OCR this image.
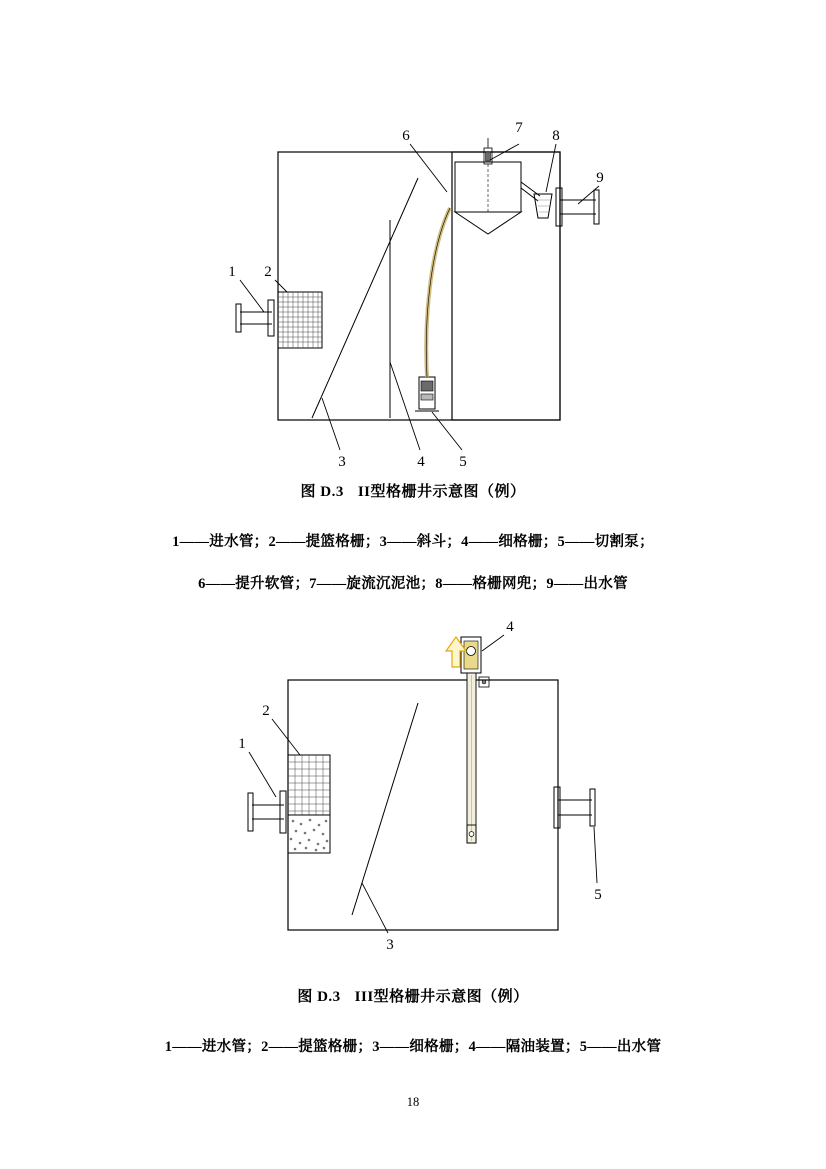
1 2
3	4 5
6	7 8
9
图 D.3 II型格栅井示意图（例）
1——进水管；2——提篮格栅；3——斜斗；4——细格栅；5——切割泵；
6——提升软管；7——旋流沉泥池；8——格栅网兜；9——出水管
1
2
3
4
5
图 D.3 III型格栅井示意图（例）
1——进水管；2——提篮格栅；3——细格栅；4——隔油装置；5——出水管
18
